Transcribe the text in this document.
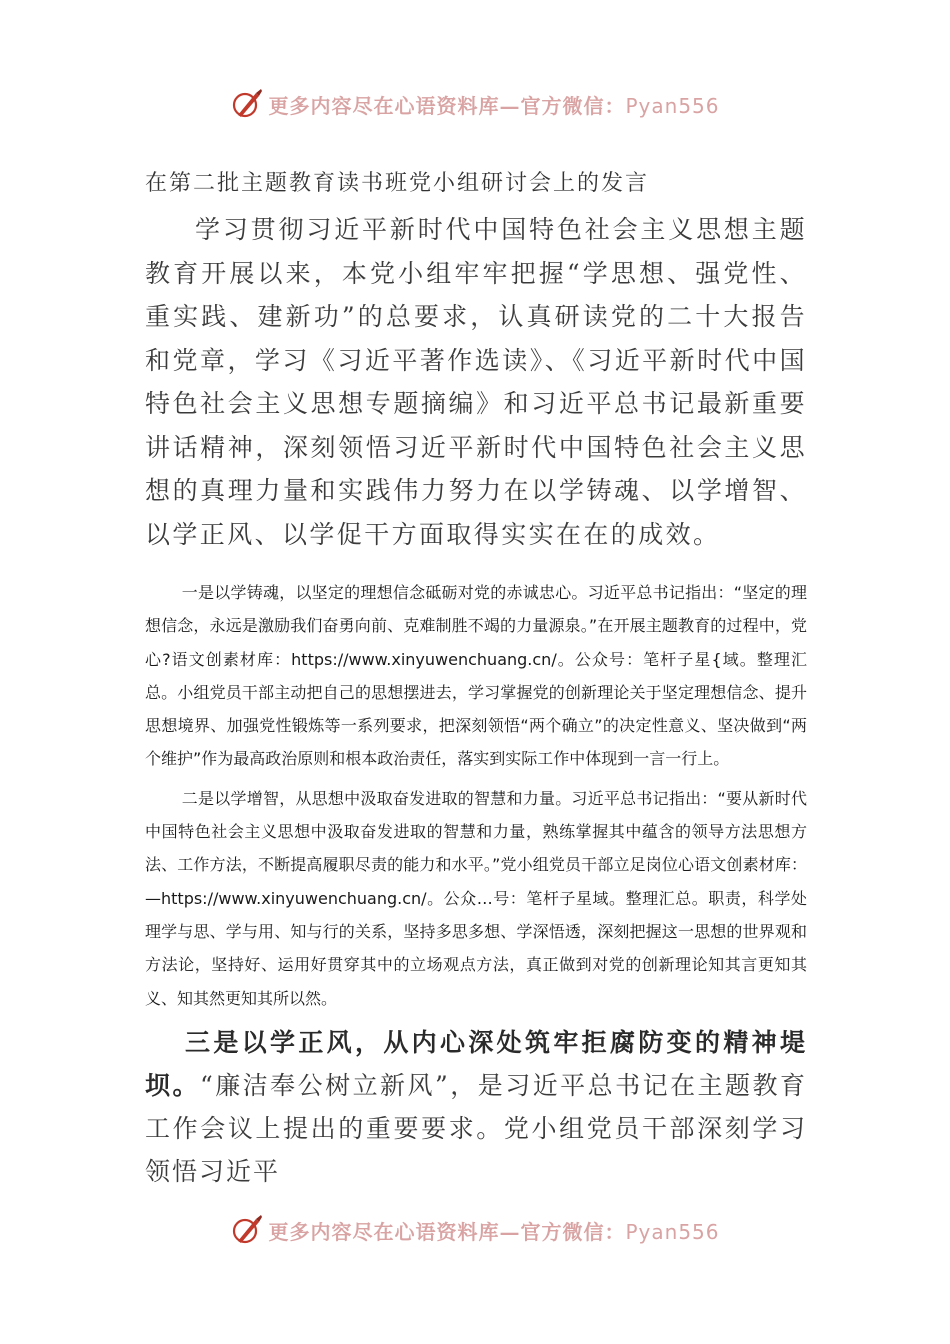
更多内容尽在心语资料库—官方微信：Pyan556
在第二批主题教育读书班党小组研讨会上的发言

学习贯彻习近平新时代中国特色社会主义思想主题教育开展以来，本党小组牢牢把握“学思想、强党性、重实践、建新功”的总要求，认真研读党的二十大报告和党章，学习《习近平著作选读》、《习近平新时代中国特色社会主义思想专题摘编》和习近平总书记最新重要讲话精神，深刻领悟习近平新时代中国特色社会主义思想的真理力量和实践伟力努力在以学铸魂、以学增智、以学正风、以学促干方面取得实实在在的成效。

一是以学铸魂，以坚定的理想信念砥砺对党的赤诚忠心。习近平总书记指出：“坚定的理想信念，永远是激励我们奋勇向前、克难制胜不竭的力量源泉。”在开展主题教育的过程中，党心?语文创素材库：https://www.xinyuwenchuang.cn/。公众号：笔杆子星{域。整理汇总。小组党员干部主动把自己的思想摆进去，学习掌握党的创新理论关于坚定理想信念、提升思想境界、加强党性锻炼等一系列要求，把深刻领悟“两个确立”的决定性意义、坚决做到“两个维护”作为最高政治原则和根本政治责任，落实到实际工作中体现到一言一行上。

二是以学增智，从思想中汲取奋发进取的智慧和力量。习近平总书记指出：“要从新时代中国特色社会主义思想中汲取奋发进取的智慧和力量，熟练掌握其中蕴含的领导方法思想方法、工作方法，不断提高履职尽责的能力和水平。”党小组党员干部立足岗位心语文创素材库：—https://www.xinyuwenchuang.cn/。公众…号：笔杆子星域。整理汇总。职责，科学处理学与思、学与用、知与行的关系，坚持多思多想、学深悟透，深刻把握这一思想的世界观和方法论，坚持好、运用好贯穿其中的立场观点方法，真正做到对党的创新理论知其言更知其义、知其然更知其所以然。

三是以学正风，从内心深处筑牢拒腐防变的精神堤坝。“廉洁奉公树立新风”，是习近平总书记在主题教育工作会议上提出的重要要求。党小组党员干部深刻学习领悟习近平

更多内容尽在心语资料库—官方微信：Pyan556
